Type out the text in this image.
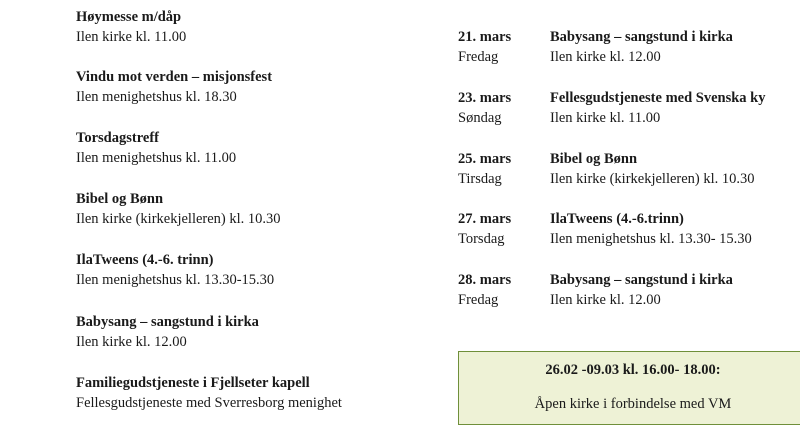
Høymesse m/dåp
Ilen kirke kl. 11.00
Vindu mot verden – misjonsfest
Ilen menighetshus kl. 18.30
Torsdagstreff
Ilen menighetshus kl. 11.00
Bibel og Bønn
Ilen kirke (kirkekjelleren) kl. 10.30
IlaTweens (4.-6. trinn)
Ilen menighetshus kl. 13.30-15.30
Babysang – sangstund i kirka
Ilen kirke kl. 12.00
Familiegudstjeneste i Fjellseter kapell
Fellesgudstjeneste med Sverresborg menighet
21. mars	Babysang – sangstund i kirka
Fredag	Ilen kirke kl. 12.00
23. mars	Fellesgudstjeneste med Svenska ky
Søndag	Ilen kirke kl. 11.00
25. mars	Bibel og Bønn
Tirsdag	Ilen kirke (kirkekjelleren) kl. 10.30
27. mars	IlaTweens (4.-6.trinn)
Torsdag	Ilen menighetshus kl. 13.30- 15.30
28. mars	Babysang – sangstund i kirka
Fredag	Ilen kirke kl. 12.00
26.02 -09.03 kl. 16.00- 18.00:
Åpen kirke i forbindelse med VM
